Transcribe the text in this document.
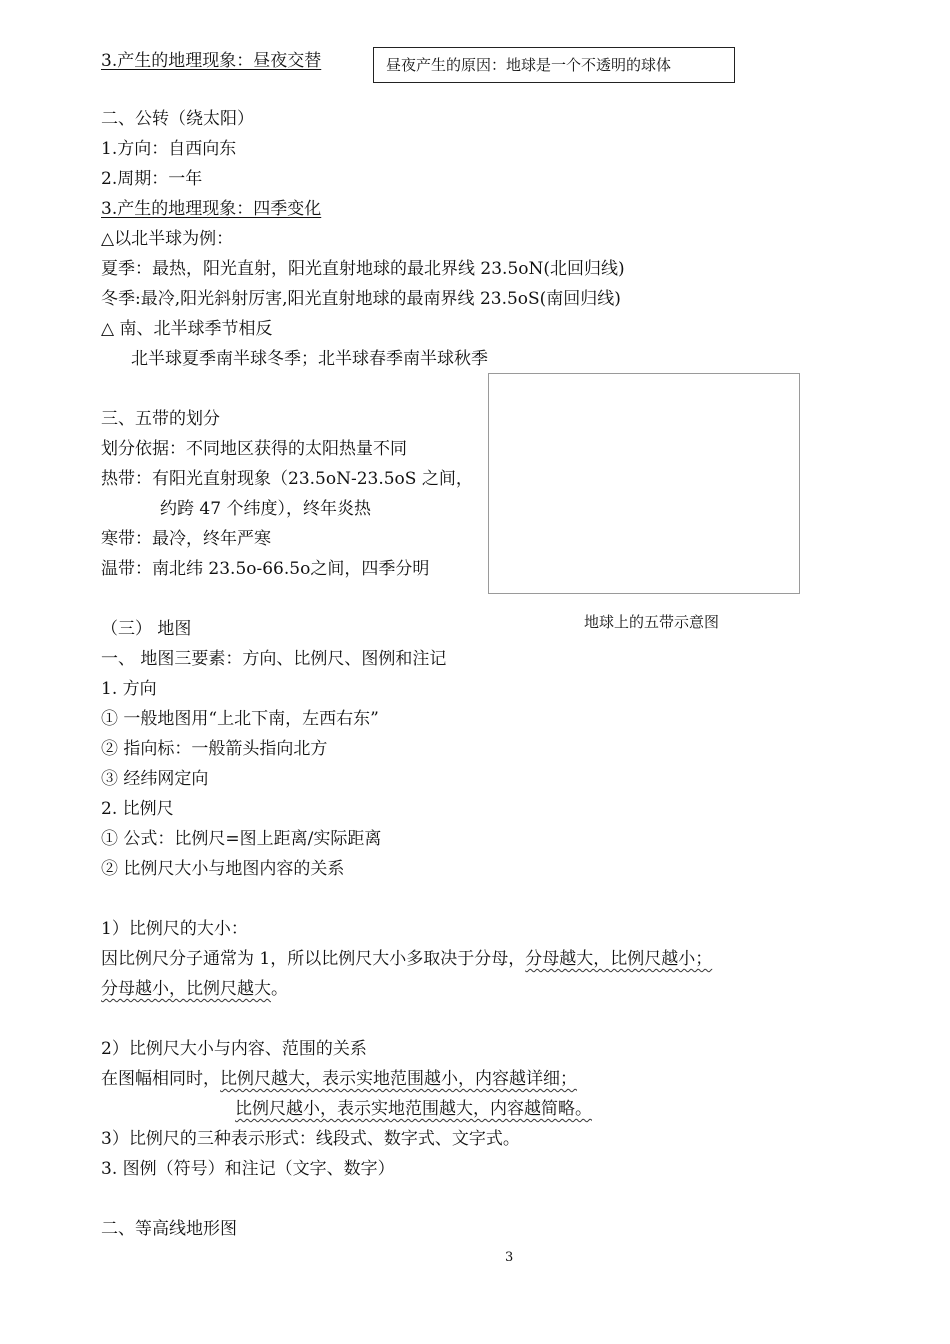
3.产生的地理现象：昼夜交替	昼夜产生的原因：地球是一个不透明的球体

二、公转（绕太阳）

1.方向：自西向东

2.周期：一年

3.产生的地理现象：四季变化

△以北半球为例：

夏季：最热，阳光直射，阳光直射地球的最北界线 23.5oN(北回归线)

冬季:最冷,阳光斜射厉害,阳光直射地球的最南界线 23.5oS(南回归线)

△ 南、北半球季节相反

北半球夏季南半球冬季；北半球春季南半球秋季

三、五带的划分

划分依据：不同地区获得的太阳热量不同

热带：有阳光直射现象（23.5oN-23.5oS 之间，

约跨 47 个纬度），终年炎热

寒带：最冷，终年严寒

温带：南北纬 23.5o-66.5o之间，四季分明

地球上的五带示意图

（三） 地图

一、 地图三要素：方向、比例尺、图例和注记

1. 方向

① 一般地图用“上北下南，左西右东”

② 指向标：一般箭头指向北方

③ 经纬网定向

2. 比例尺

① 公式：比例尺=图上距离/实际距离

② 比例尺大小与地图内容的关系

1）比例尺的大小：

因比例尺分子通常为 1，所以比例尺大小多取决于分母，分母越大，比例尺越小；

分母越小，比例尺越大。

2）比例尺大小与内容、范围的关系

在图幅相同时，比例尺越大，表示实地范围越小，内容越详细；

比例尺越小，表示实地范围越大，内容越简略。

3）比例尺的三种表示形式：线段式、数字式、文字式。

3. 图例（符号）和注记（文字、数字）

二、等高线地形图

3
